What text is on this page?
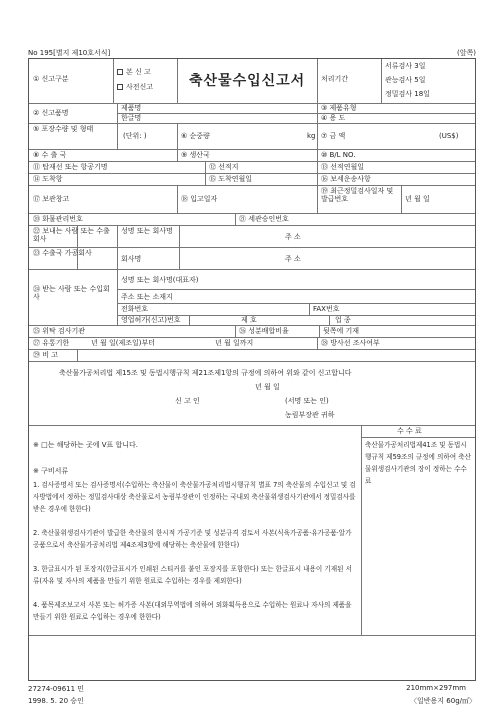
No 195[별지 제10호서식]	(앞쪽)
① 신고구분
본 신 고
사전신고	축산물수입신고서 처리기간
서류검사 3일
관능검사 5일
정밀검사 18일
② 신고품명
제품명
한글명
③ 제품유형
④ 용 도
⑤ 포장수량 및 형태
(단위: )	⑥ 순중량	kg ⑦ 금 액	(US$)
⑧ 수 출 국	⑨ 생산국	⑩ B/L NO.
⑪ 탑재선 또는 항공기명	⑫ 선적지	⑬ 선적연월일
⑭ 도착항	⑮ 도착연월일	⑯ 보세운송사항
⑰ 보관창고	⑱ 입고일자
⑲ 최근정밀검사일자 및 발급번호	년 월 일
⑳ 화물관리번호	㉑ 세관승인번호
㉒ 보내는 사람 또는 수출회사
성명 또는 회사명
주 소
㉓ 수출국 가공회사
회사명	주 소
㉔ 받는 사람 또는 수입회사
성명 또는 회사명(대표자)
주소 또는 소재지
전화번호	FAX번호
영업허가(신고)번호	제 호	업 종
㉕ 위탁 검사기관	㉖ 성분배합비율	뒷쪽에 기재
㉗ 유통기한	년 월 일(제조일)부터	년 월 일까지	㉘ 방사선 조사여부
㉙ 비 고
축산물가공처리법 제15조 및 동법시행규칙 제21조제1항의 규정에 의하여 위와 같이 신고합니다
년 월 일
신 고 인	(서명 또는 인)
농림부장관 귀하
※ □는 해당하는 곳에 V표 합니다.
※ 구비서류
1. 검사증명서 또는 검사증명서(수입하는 축산물이 축산물가공처리법시행규칙 별표 7의 축산물의 수입신고 및 검사방법에서 정하는 정밀검사대상 축산물로서 농림부장관이 인정하는 국내외 축산물위생검사기관에서 정밀검사를 받은 경우에 한한다)
2. 축산물위생검사기관이 발급한 축산물의 한시적 가공기준 및 성분규격 검토서 사본(식육가공품·유가공품·알가공품으로서 축산물가공처리법 제4조제3항에 해당하는 축산물에 한한다)
3. 한글표시가 된 포장지(한글표시가 인쇄된 스티커를 붙인 포장지를 포함한다) 또는 한글표시 내용이 기재된 서류(자유 및 자사의 제품을 만들기 위한 원료로 수입하는 경우를 제외한다)
4. 품목제조보고서 사본 또는 허가증 사본(대외무역법에 의하여 외화획득용으로 수입하는 원료나 자사의 제품을 만들기 위한 원료로 수입하는 경우에 한한다)
수 수 료
축산물가공처리법제41조 및 동법시행규칙 제59조의 규정에 의하여 축산물위생검사기관의 장이 정하는 수수료
27274-09611 민
1998. 5. 20 승인
210mm×297mm
〈일반용지 60g/㎡〉
